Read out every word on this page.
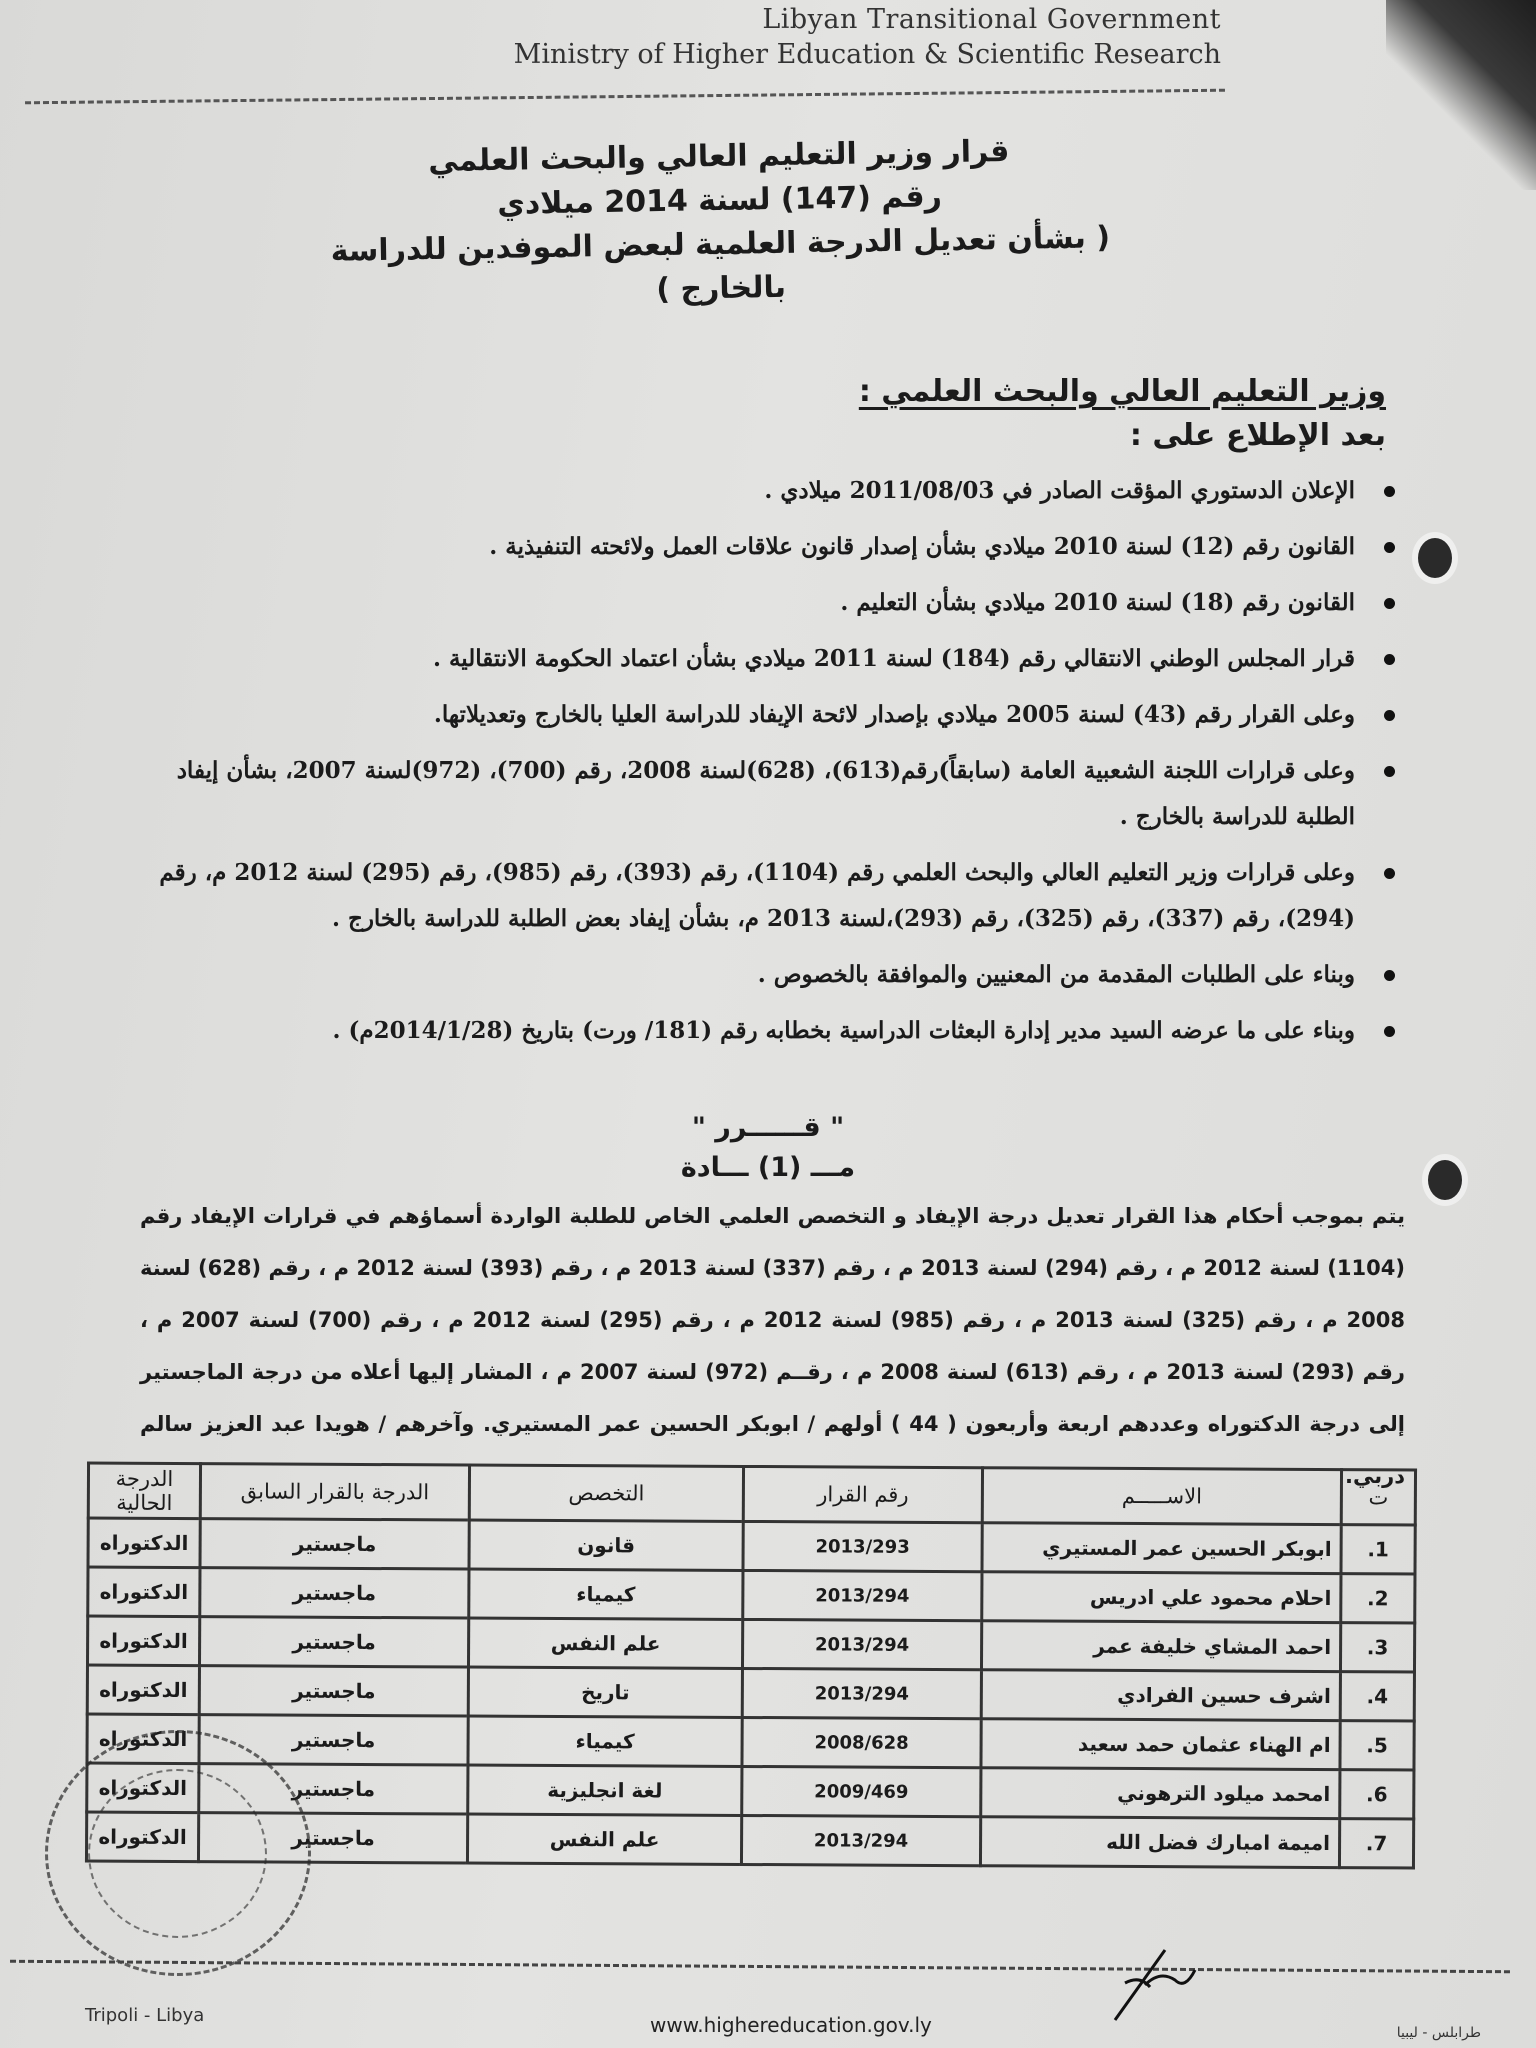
Libyan Transitional Government
Ministry of Higher Education & Scientific Research
قرار وزير التعليم العالي والبحث العلمي
رقم (147) لسنة 2014 ميلادي
( بشأن تعديل الدرجة العلمية لبعض الموفدين للدراسة بالخارج )
وزير التعليم العالي والبحث العلمي :
بعد الإطلاع على :
الإعلان الدستوري المؤقت الصادر في 2011/08/03 ميلادي .
القانون رقم (12) لسنة 2010 ميلادي بشأن إصدار قانون علاقات العمل ولائحته التنفيذية .
القانون رقم (18) لسنة 2010 ميلادي بشأن التعليم .
قرار المجلس الوطني الانتقالي رقم (184) لسنة 2011 ميلادي بشأن اعتماد الحكومة الانتقالية .
وعلى القرار رقم (43) لسنة 2005 ميلادي بإصدار لائحة الإيفاد للدراسة العليا بالخارج وتعديلاتها.
وعلى قرارات اللجنة الشعبية العامة (سابقاً)رقم(613)، (628)لسنة 2008، رقم (700)، (972)لسنة 2007، بشأن إيفاد الطلبة للدراسة بالخارج .
وعلى قرارات وزير التعليم العالي والبحث العلمي رقم (1104)، رقم (393)، رقم (985)، رقم (295) لسنة 2012 م، رقم (294)، رقم (337)، رقم (325)، رقم (293)،لسنة 2013 م، بشأن إيفاد بعض الطلبة للدراسة بالخارج .
وبناء على الطلبات المقدمة من المعنيين والموافقة بالخصوص .
وبناء على ما عرضه السيد مدير إدارة البعثات الدراسية بخطابه رقم (181/ ورت) بتاريخ (2014/1/28م) .
" قــــــرر "
مـــ (1) ـــادة
يتم بموجب أحكام هذا القرار تعديل درجة الإيفاد و التخصص العلمي الخاص للطلبة الواردة أسماؤهم في قرارات الإيفاد رقم (1104) لسنة 2012 م ، رقم (294) لسنة 2013 م ، رقم (337) لسنة 2013 م ، رقم (393) لسنة 2012 م ، رقم (628) لسنة 2008 م ، رقم (325) لسنة 2013 م ، رقم (985) لسنة 2012 م ، رقم (295) لسنة 2012 م ، رقم (700) لسنة 2007 م ، رقم (293) لسنة 2013 م ، رقم (613) لسنة 2008 م ، رقــم (972) لسنة 2007 م ، المشار إليها أعلاه من درجة الماجستير إلى درجة الدكتوراه وعددهم اربعة وأربعون ( 44 ) أولهم / ابوبكر الحسين عمر المستيري. وآخرهم / هويدا عبد العزيز سالم دربي.
ت	الاســـــم	رقم القرار	التخصص	الدرجة بالقرار السابق	الدرجة الحالية
1.	ابوبكر الحسين عمر المستيري	2013/293	قانون	ماجستير	الدكتوراه
2.	احلام محمود علي ادريس	2013/294	كيمياء	ماجستير	الدكتوراه
3.	احمد المشاي خليفة عمر	2013/294	علم النفس	ماجستير	الدكتوراه
4.	اشرف حسين الفرادي	2013/294	تاريخ	ماجستير	الدكتوراه
5.	ام الهناء عثمان حمد سعيد	2008/628	كيمياء	ماجستير	الدكتوراه
6.	امحمد ميلود الترهوني	2009/469	لغة انجليزية	ماجستير	الدكتوراه
7.	اميمة امبارك فضل الله	2013/294	علم النفس	ماجستير	الدكتوراه
Tripoli - Libya	www.highereducation.gov.ly	طرابلس - ليبيا
